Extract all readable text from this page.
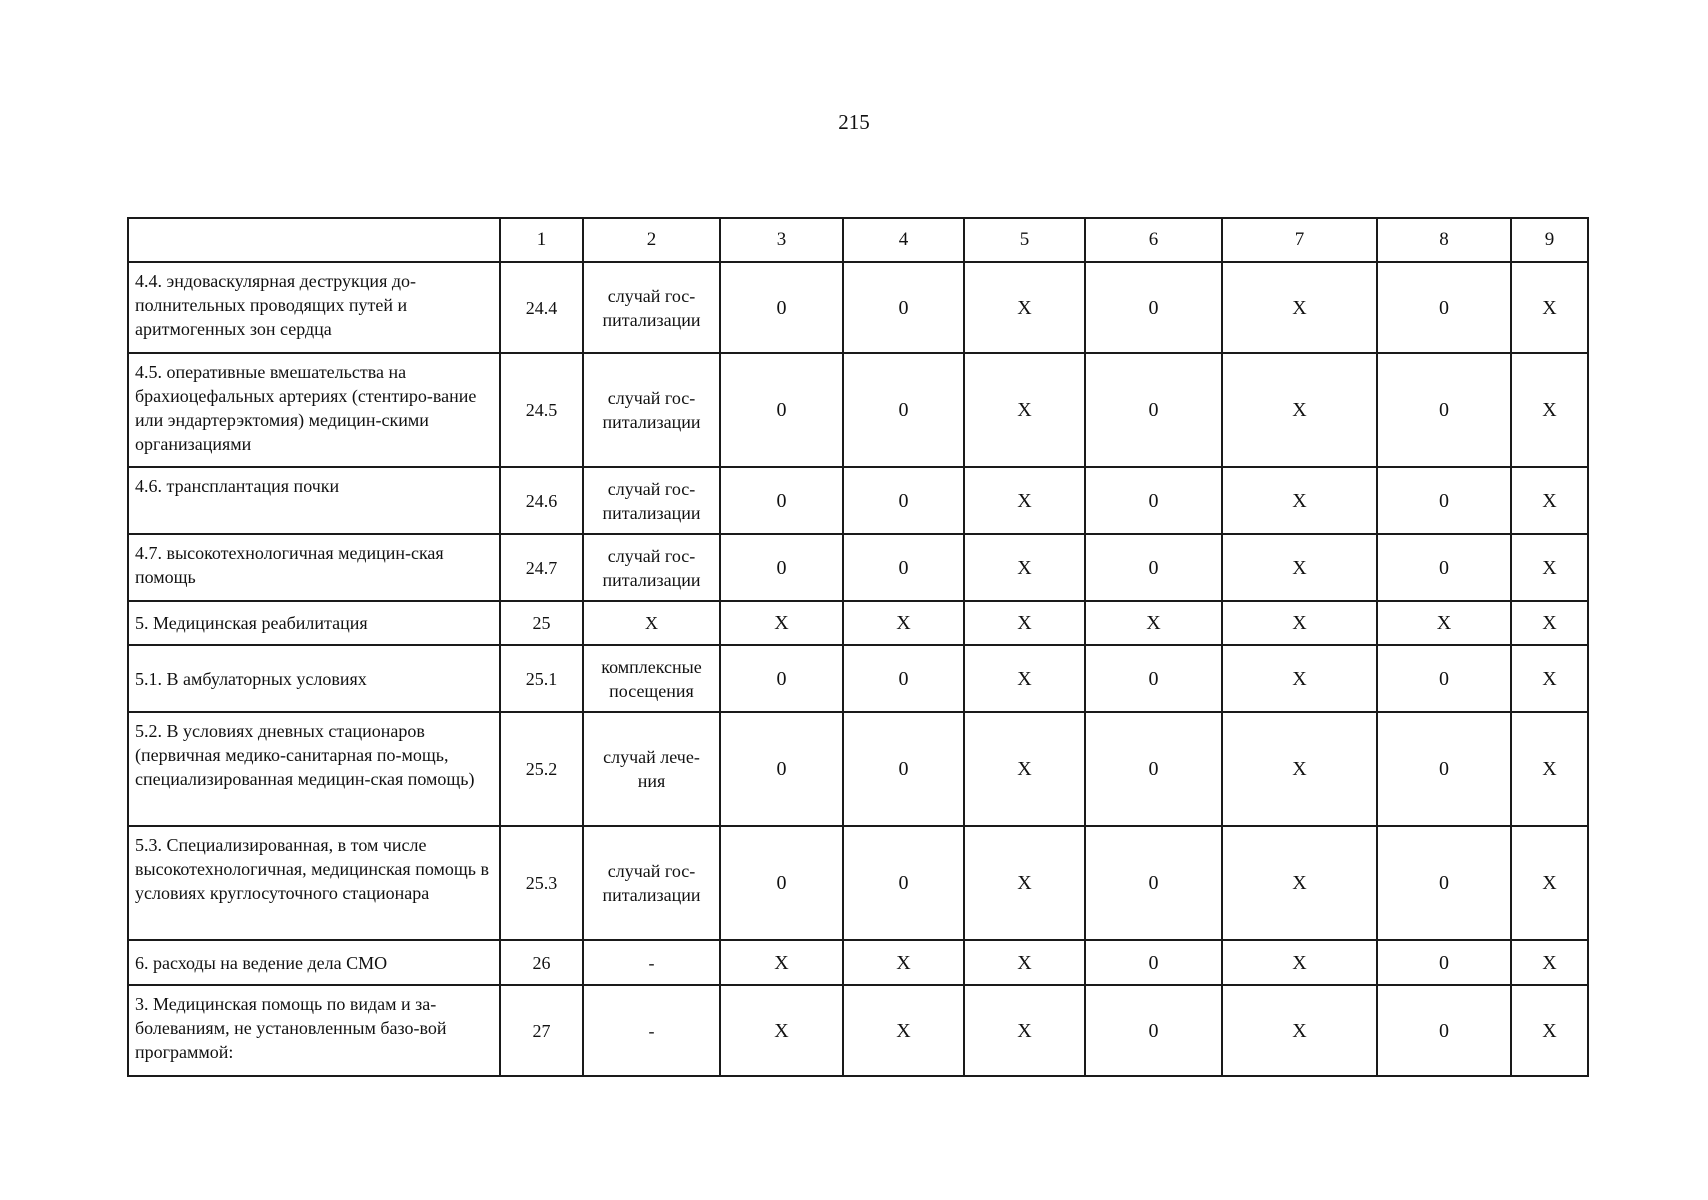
215
	1	2	3	4	5	6	7	8	9
4.4. эндоваскулярная деструкция до-полнительных проводящих путей и аритмогенных зон сердца	24.4	случай гос-питализации	0	0	X	0	X	0	X
4.5. оперативные вмешательства на брахиоцефальных артериях (стентиро-вание или эндартерэктомия) медицин-скими организациями	24.5	случай гос-питализации	0	0	X	0	X	0	X
4.6. трансплантация почки	24.6	случай гос-питализации	0	0	X	0	X	0	X
4.7. высокотехнологичная медицин-ская помощь	24.7	случай гос-питализации	0	0	X	0	X	0	X
5. Медицинская реабилитация	25	X	X	X	X	X	X	X	X
5.1. В амбулаторных условиях	25.1	комплексные посещения	0	0	X	0	X	0	X
5.2. В условиях дневных стационаров (первичная медико-санитарная по-мощь, специализированная медицин-ская помощь)	25.2	случай лече-ния	0	0	X	0	X	0	X
5.3. Специализированная, в том числе высокотехнологичная, медицинская помощь в условиях круглосуточного стационара	25.3	случай гос-питализации	0	0	X	0	X	0	X
6. расходы на ведение дела СМО	26	-	X	X	X	0	X	0	X
3. Медицинская помощь по видам и за-болеваниям, не установленным базо-вой программой:	27	-	X	X	X	0	X	0	X
